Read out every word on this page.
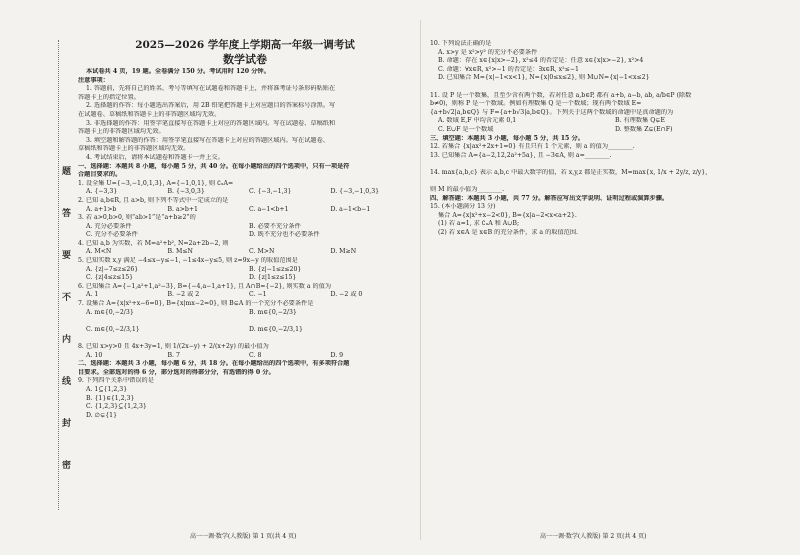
题
答
要
不
内
线
封
密
2025—2026 学年度上学期高一年级一调考试
数学试卷
本试卷共 4 页，19 题。全卷满分 150 分。考试用时 120 分钟。
注意事项：
1. 答题前，先将自己的姓名、考号等填写在试题卷和答题卡上，并将准考证号条形码粘贴在
答题卡上的指定位置。
2. 选择题的作答：每小题选出答案后，用 2B 铅笔把答题卡上对应题目的答案标号涂黑。写
在试题卷、草稿纸和答题卡上的非答题区域均无效。
3. 非选择题的作答：用签字笔直接写在答题卡上对应的答题区域内。写在试题卷、草稿纸和
答题卡上的非答题区域均无效。
3. 填空题和解答题的作答：用签字笔直接写在答题卡上对应的答题区域内。写在试题卷、
草稿纸和答题卡上的非答题区域均无效。
4. 考试结束后，请将本试题卷和答题卡一并上交。
一、选择题：本题共 8 小题，每小题 5 分，共 40 分。在每小题给出的四个选项中，只有一项是符
合题目要求的。
1. 设全集 U={−3,−1,0,1,3}, A={−1,0,1}, 则 ∁ᵤA=
A. {−3,3}	B. {−3,0,3}	C. {−3,−1,3}	D. {−3,−1,0,3}
2. 已知 a,b∈R, 且 a>b, 则下列不等式中一定成立的是
A. a+1>b	B. a>b+1	C. a−1<b+1	D. a−1<b−1
3. 若 a>0,b>0, 则“ab>1”是“a+b≥2”的
A. 充分必要条件	B. 必要不充分条件
C. 充分不必要条件	D. 既不充分也不必要条件
4. 已知 a,b 为实数，若 M=a²+b², N=2a+2b−2, 则
A. M<N	B. M≤N	C. M>N	D. M≥N
5. 已知实数 x,y 满足 −4≤x−y≤−1, −1≤4x−y≤5, 则 z=9x−y 的取值范围是
A. {z|−7≤z≤26}	B. {z|−1≤z≤20}
C. {z|4≤z≤15}	D. {z|1≤z≤15}
6. 已知集合 A={−1,a²+1,a²−3}, B={−4,a−1,a+1}, 且 A∩B={−2}, 则实数 a 的值为
A. 1	B. −2 或 2	C. −1	D. −2 或 0
7. 设集合 A={x|x²+x−6=0}, B={x|mx−2=0}, 则 B⊊A 的一个充分不必要条件是
A. m∈{0,−2/3}	B. m∈{0,−2/3}

C. m∈{0,−2/3,1}	D. m∈{0,−2/3,1}

8. 已知 x>y>0 且 4x+3y=1, 则 1/(2x−y) + 2/(x+2y) 的最小值为
A. 10	B. 7	C. 8	D. 9
二、选择题：本题共 3 小题，每小题 6 分，共 18 分。在每小题给出的四个选项中，有多项符合题
目要求。全部选对的得 6 分，部分选对的得部分分，有选错的得 0 分。
9. 下列四个关系中错误的是
A. 1⊆{1,2,3}
B. {1}∈{1,2,3}
C. {1,2,3}⊆{1,2,3}
D. ∅⊊{1}
10. 下列说法正确的是
A. x>y 是 x²>y² 的充分不必要条件
B. 命题：存在 x∈{x|x>−2}, x²≤4 的否定是：任意 x∈{x|x>−2}, x²>4
C. 命题：∀x∈R, x²>−1 的否定是：∃x∈R, x²≤−1
D. 已知集合 M={x|−1<x<1}, N={x|0≤x≤2}, 则 M∪N={x|−1<x≤2}

11. 设 P 是一个数集，且至少含有两个数，若对任意 a,b∈P, 都有 a+b, a−b, ab, a/b∈P (除数
b≠0)，则称 P 是一个数域。例如有理数集 Q 是一个数域；现有两个数域 E=
{a+b√2|a,b∈Q} 与 F={a+b√3|a,b∈Q}。下列关于这两个数域的命题中是真命题的为
A. 数域 E,F 中均含元素 0,1	B. 有理数集 Q⊊E
C. E∪F 是一个数域	D. 整数集 Z⊊(E∩F)
三、填空题：本题共 3 小题，每小题 5 分，共 15 分。
12. 若集合 {x|ax²+2x+1=0} 有且只有 1 个元素，则 a 的值为________.
13. 已知集合 A={a−2,12,2a²+5a}, 且 −3∈A, 则 a=________.

14. max{a,b,c} 表示 a,b,c 中最大数字的值，若 x,y,z 都是正实数，M=max{x, 1/x + 2y/z, z/y},

则 M 的最小值为________.
四、解答题：本题共 5 小题，共 77 分。解答应写出文字说明、证明过程或演算步骤。
15. (本小题满分 13 分)
集合 A={x|x²+x−2<0}, B={x|a−2<x<a+2}.
(1) 若 a=1, 求 ∁ᵤA 和 A∪B;
(2) 若 x∈A 是 x∈B 的充分条件，求 a 的取值范围.
高一一调·数学(人教版) 第 1 页(共 4 页)	高一一调·数学(人教版) 第 2 页(共 4 页)
